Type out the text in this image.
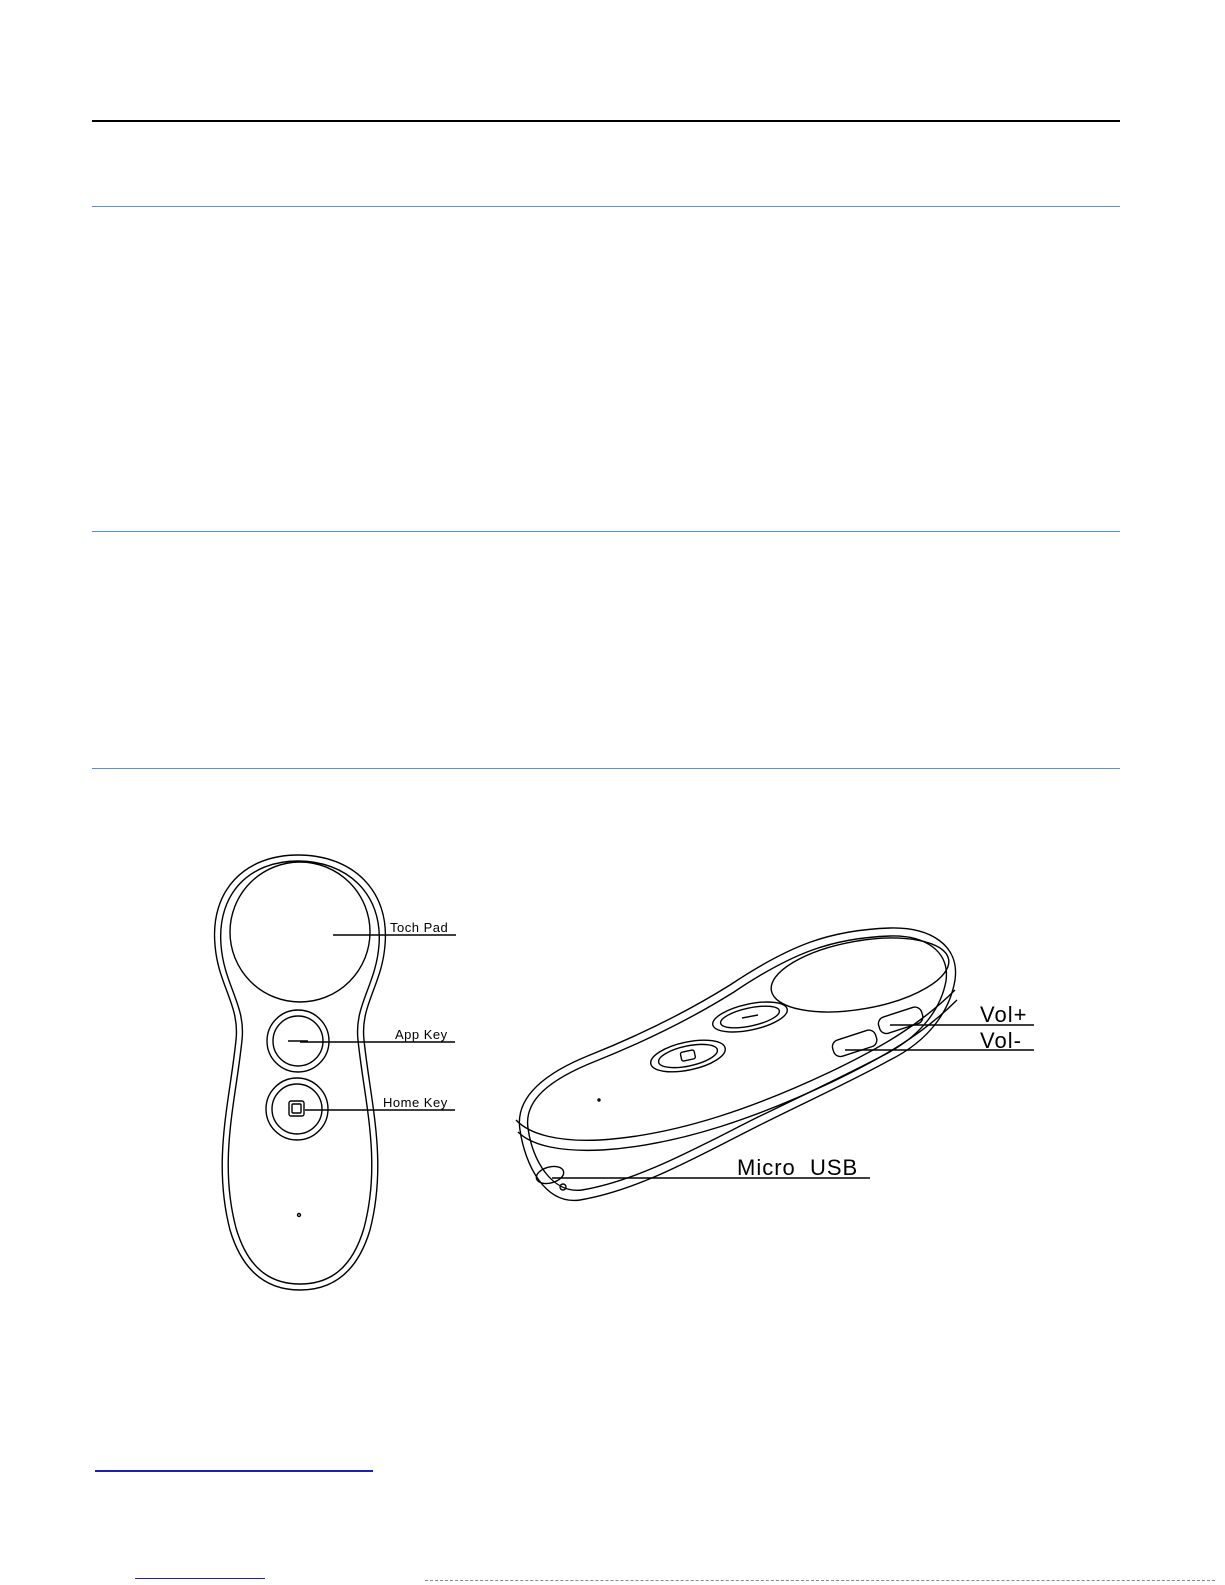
Toch Pad
App Key
Home Key
Vol+
Vol-
Micro  USB
